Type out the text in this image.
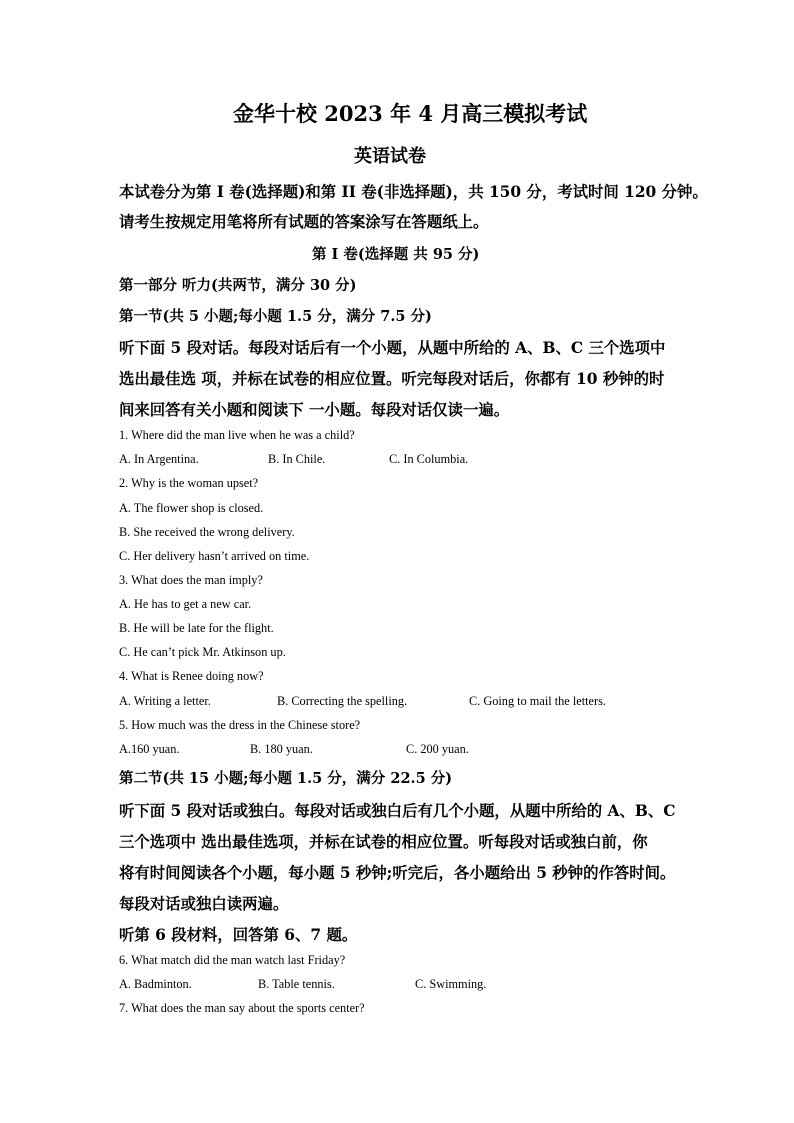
金华十校 2023 年 4 月高三模拟考试
英语试卷
本试卷分为第 I 卷(选择题)和第 II 卷(非选择题)，共 150 分，考试时间 120 分钟。
请考生按规定用笔将所有试题的答案涂写在答题纸上。
第 I 卷(选择题 共 95 分)
第一部分 听力(共两节，满分 30 分)
第一节(共 5 小题;每小题 1.5 分，满分 7.5 分)
听下面 5 段对话。每段对话后有一个小题，从题中所给的 A、B、C 三个选项中
选出最佳选 项，并标在试卷的相应位置。听完每段对话后，你都有 10 秒钟的时
间来回答有关小题和阅读下 一小题。每段对话仅读一遍。
1. Where did the man live when he was a child?
A. In Argentina.	B. In Chile.	C. In Columbia.
2. Why is the woman upset?
A. The flower shop is closed.
B. She received the wrong delivery.
C. Her delivery hasn’t arrived on time.
3. What does the man imply?
A. He has to get a new car.
B. He will be late for the flight.
C. He can’t pick Mr. Atkinson up.
4. What is Renee doing now?
A. Writing a letter.	B. Correcting the spelling.	C. Going to mail the letters.
5. How much was the dress in the Chinese store?
A.160 yuan.	B. 180 yuan.	C. 200 yuan.
第二节(共 15 小题;每小题 1.5 分，满分 22.5 分)
听下面 5 段对话或独白。每段对话或独白后有几个小题，从题中所给的 A、B、C
三个选项中 选出最佳选项，并标在试卷的相应位置。听每段对话或独白前，你
将有时间阅读各个小题，每小题 5 秒钟;听完后，各小题给出 5 秒钟的作答时间。
每段对话或独白读两遍。
听第 6 段材料，回答第 6、7 题。
6. What match did the man watch last Friday?
A. Badminton.	B. Table tennis.	C. Swimming.
7. What does the man say about the sports center?
